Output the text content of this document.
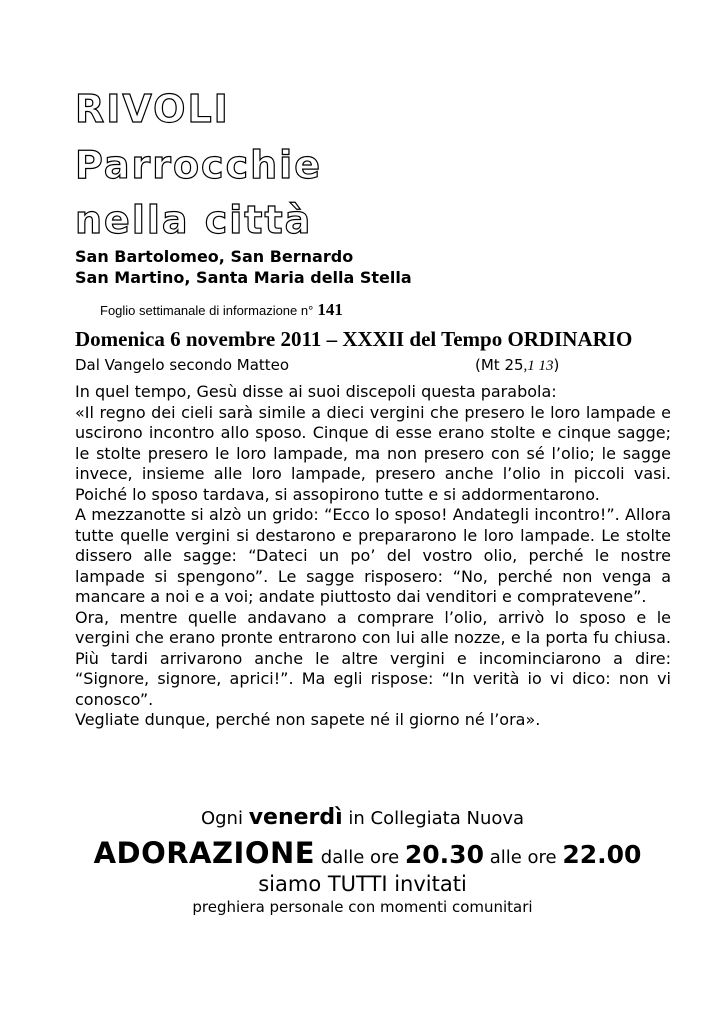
RIVOLI
Parrocchie
nella città
San Bartolomeo, San Bernardo
San Martino, Santa Maria della Stella
Foglio settimanale di informazione n° 141
Domenica 6 novembre 2011 – XXXII del Tempo ORDINARIO
Dal Vangelo secondo Matteo	(Mt 25,1 13)

In quel tempo, Gesù disse ai suoi discepoli questa parabola:

«Il regno dei cieli sarà simile a dieci vergini che presero le loro lampade e uscirono incontro allo sposo. Cinque di esse erano stolte e cinque sagge; le stolte presero le loro lampade, ma non presero con sé l’olio; le sagge invece, insieme alle loro lampade, presero anche l’olio in piccoli vasi. Poiché lo sposo tardava, si assopirono tutte e si addormentarono.

A mezzanotte si alzò un grido: “Ecco lo sposo! Andategli incontro!”. Allora tutte quelle vergini si destarono e prepararono le loro lampade. Le stolte dissero alle sagge: “Dateci un po’ del vostro olio, perché le nostre lampade si spengono”. Le sagge risposero: “No, perché non venga a mancare a noi e a voi; andate piuttosto dai venditori e compratevene”.

Ora, mentre quelle andavano a comprare l’olio, arrivò lo sposo e le vergini che erano pronte entrarono con lui alle nozze, e la porta fu chiusa. Più tardi arrivarono anche le altre vergini e incominciarono a dire: “Signore, signore, aprici!”. Ma egli rispose: “In verità io vi dico: non vi conosco”.

Vegliate dunque, perché non sapete né il giorno né l’ora».

Ogni venerdì in Collegiata Nuova
ADORAZIONE dalle ore 20.30 alle ore 22.00
siamo TUTTI invitati
preghiera personale con momenti comunitari
